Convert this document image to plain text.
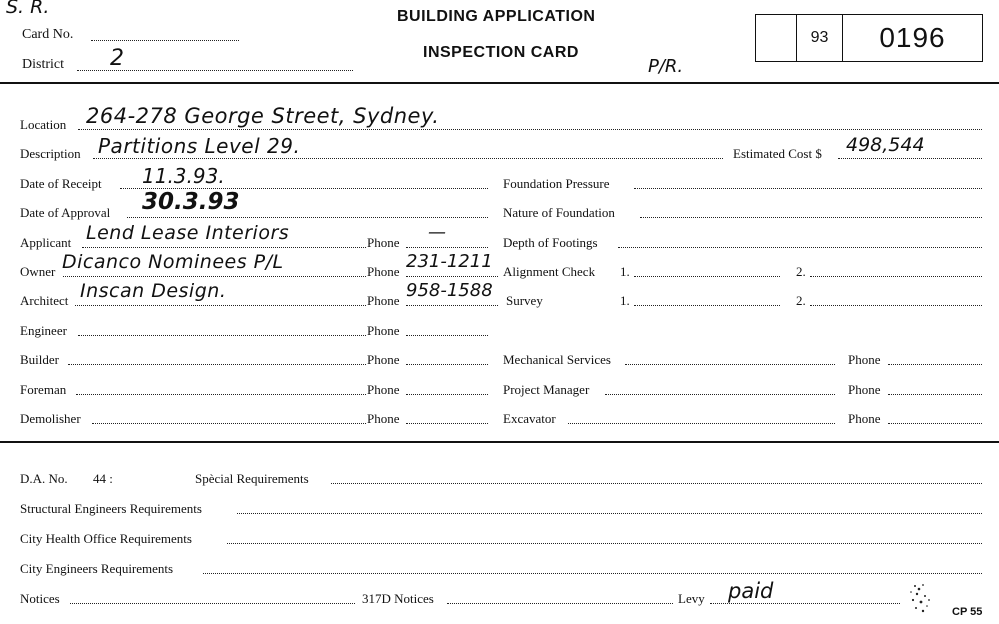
S. R.
Card No.
District 2
BUILDING APPLICATION
INSPECTION CARD
P/R.
93	0196
Location 264-278 George Street, Sydney.
Description Partitions Level 29.	Estimated Cost $ 498,544
Date of Receipt 11.3.93.
Date of Approval 30.3.93
Applicant Lend Lease Interiors	Phone —
Owner Dicanco Nominees P/L	Phone 231-1211
Architect Inscan Design.	Phone 958-1588
Engineer	Phone
Builder	Phone
Foreman	Phone
Demolisher	Phone
Foundation Pressure
Nature of Foundation
Depth of Footings
Alignment Check 1.	2.
Survey	1.	2.
Mechanical Services	Phone
Project Manager	Phone
Excavator	Phone
D.A. No. 44 :	Spècial Requirements
Structural Engineers Requirements
City Health Office Requirements
City Engineers Requirements
Notices	317D Notices	Levy paid
CP 55
